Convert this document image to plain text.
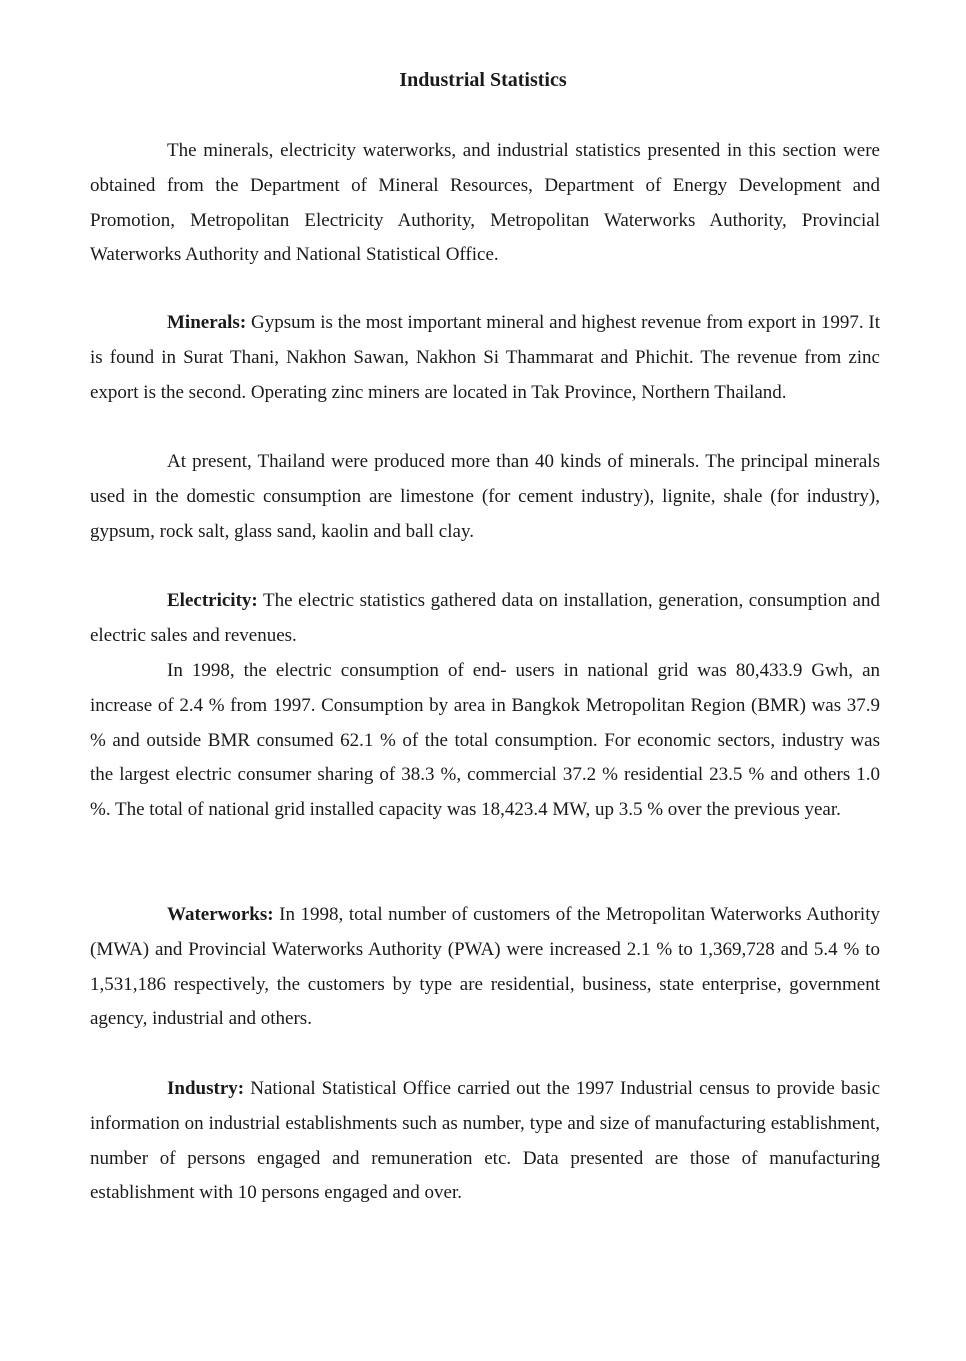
Industrial Statistics

The minerals, electricity waterworks, and industrial statistics presented in this section were obtained from the Department of Mineral Resources, Department of Energy Development and Promotion, Metropolitan Electricity Authority, Metropolitan Waterworks Authority, Provincial Waterworks Authority and National Statistical Office.

Minerals: Gypsum is the most important mineral and highest revenue from export in 1997. It is found in Surat Thani, Nakhon Sawan, Nakhon Si Thammarat and Phichit. The revenue from zinc export is the second. Operating zinc miners are located in Tak Province, Northern Thailand.

At present, Thailand were produced more than 40 kinds of minerals. The principal minerals used in the domestic consumption are limestone (for cement industry), lignite, shale (for industry), gypsum, rock salt, glass sand, kaolin and ball clay.

Electricity: The electric statistics gathered data on installation, generation, consumption and electric sales and revenues.

In 1998, the electric consumption of end- users in national grid was 80,433.9 Gwh, an increase of 2.4 % from 1997. Consumption by area in Bangkok Metropolitan Region (BMR) was 37.9 % and outside BMR consumed 62.1 % of the total consumption. For economic sectors, industry was the largest electric consumer sharing of 38.3 %, commercial 37.2 % residential 23.5 % and others 1.0 %. The total of national grid installed capacity was 18,423.4 MW, up 3.5 % over the previous year.

Waterworks: In 1998, total number of customers of the Metropolitan Waterworks Authority (MWA) and Provincial Waterworks Authority (PWA) were increased 2.1 % to 1,369,728 and 5.4 % to 1,531,186 respectively, the customers by type are residential, business, state enterprise, government agency, industrial and others.

Industry: National Statistical Office carried out the 1997 Industrial census to provide basic information on industrial establishments such as number, type and size of manufacturing establishment, number of persons engaged and remuneration etc. Data presented are those of manufacturing establishment with 10 persons engaged and over.
